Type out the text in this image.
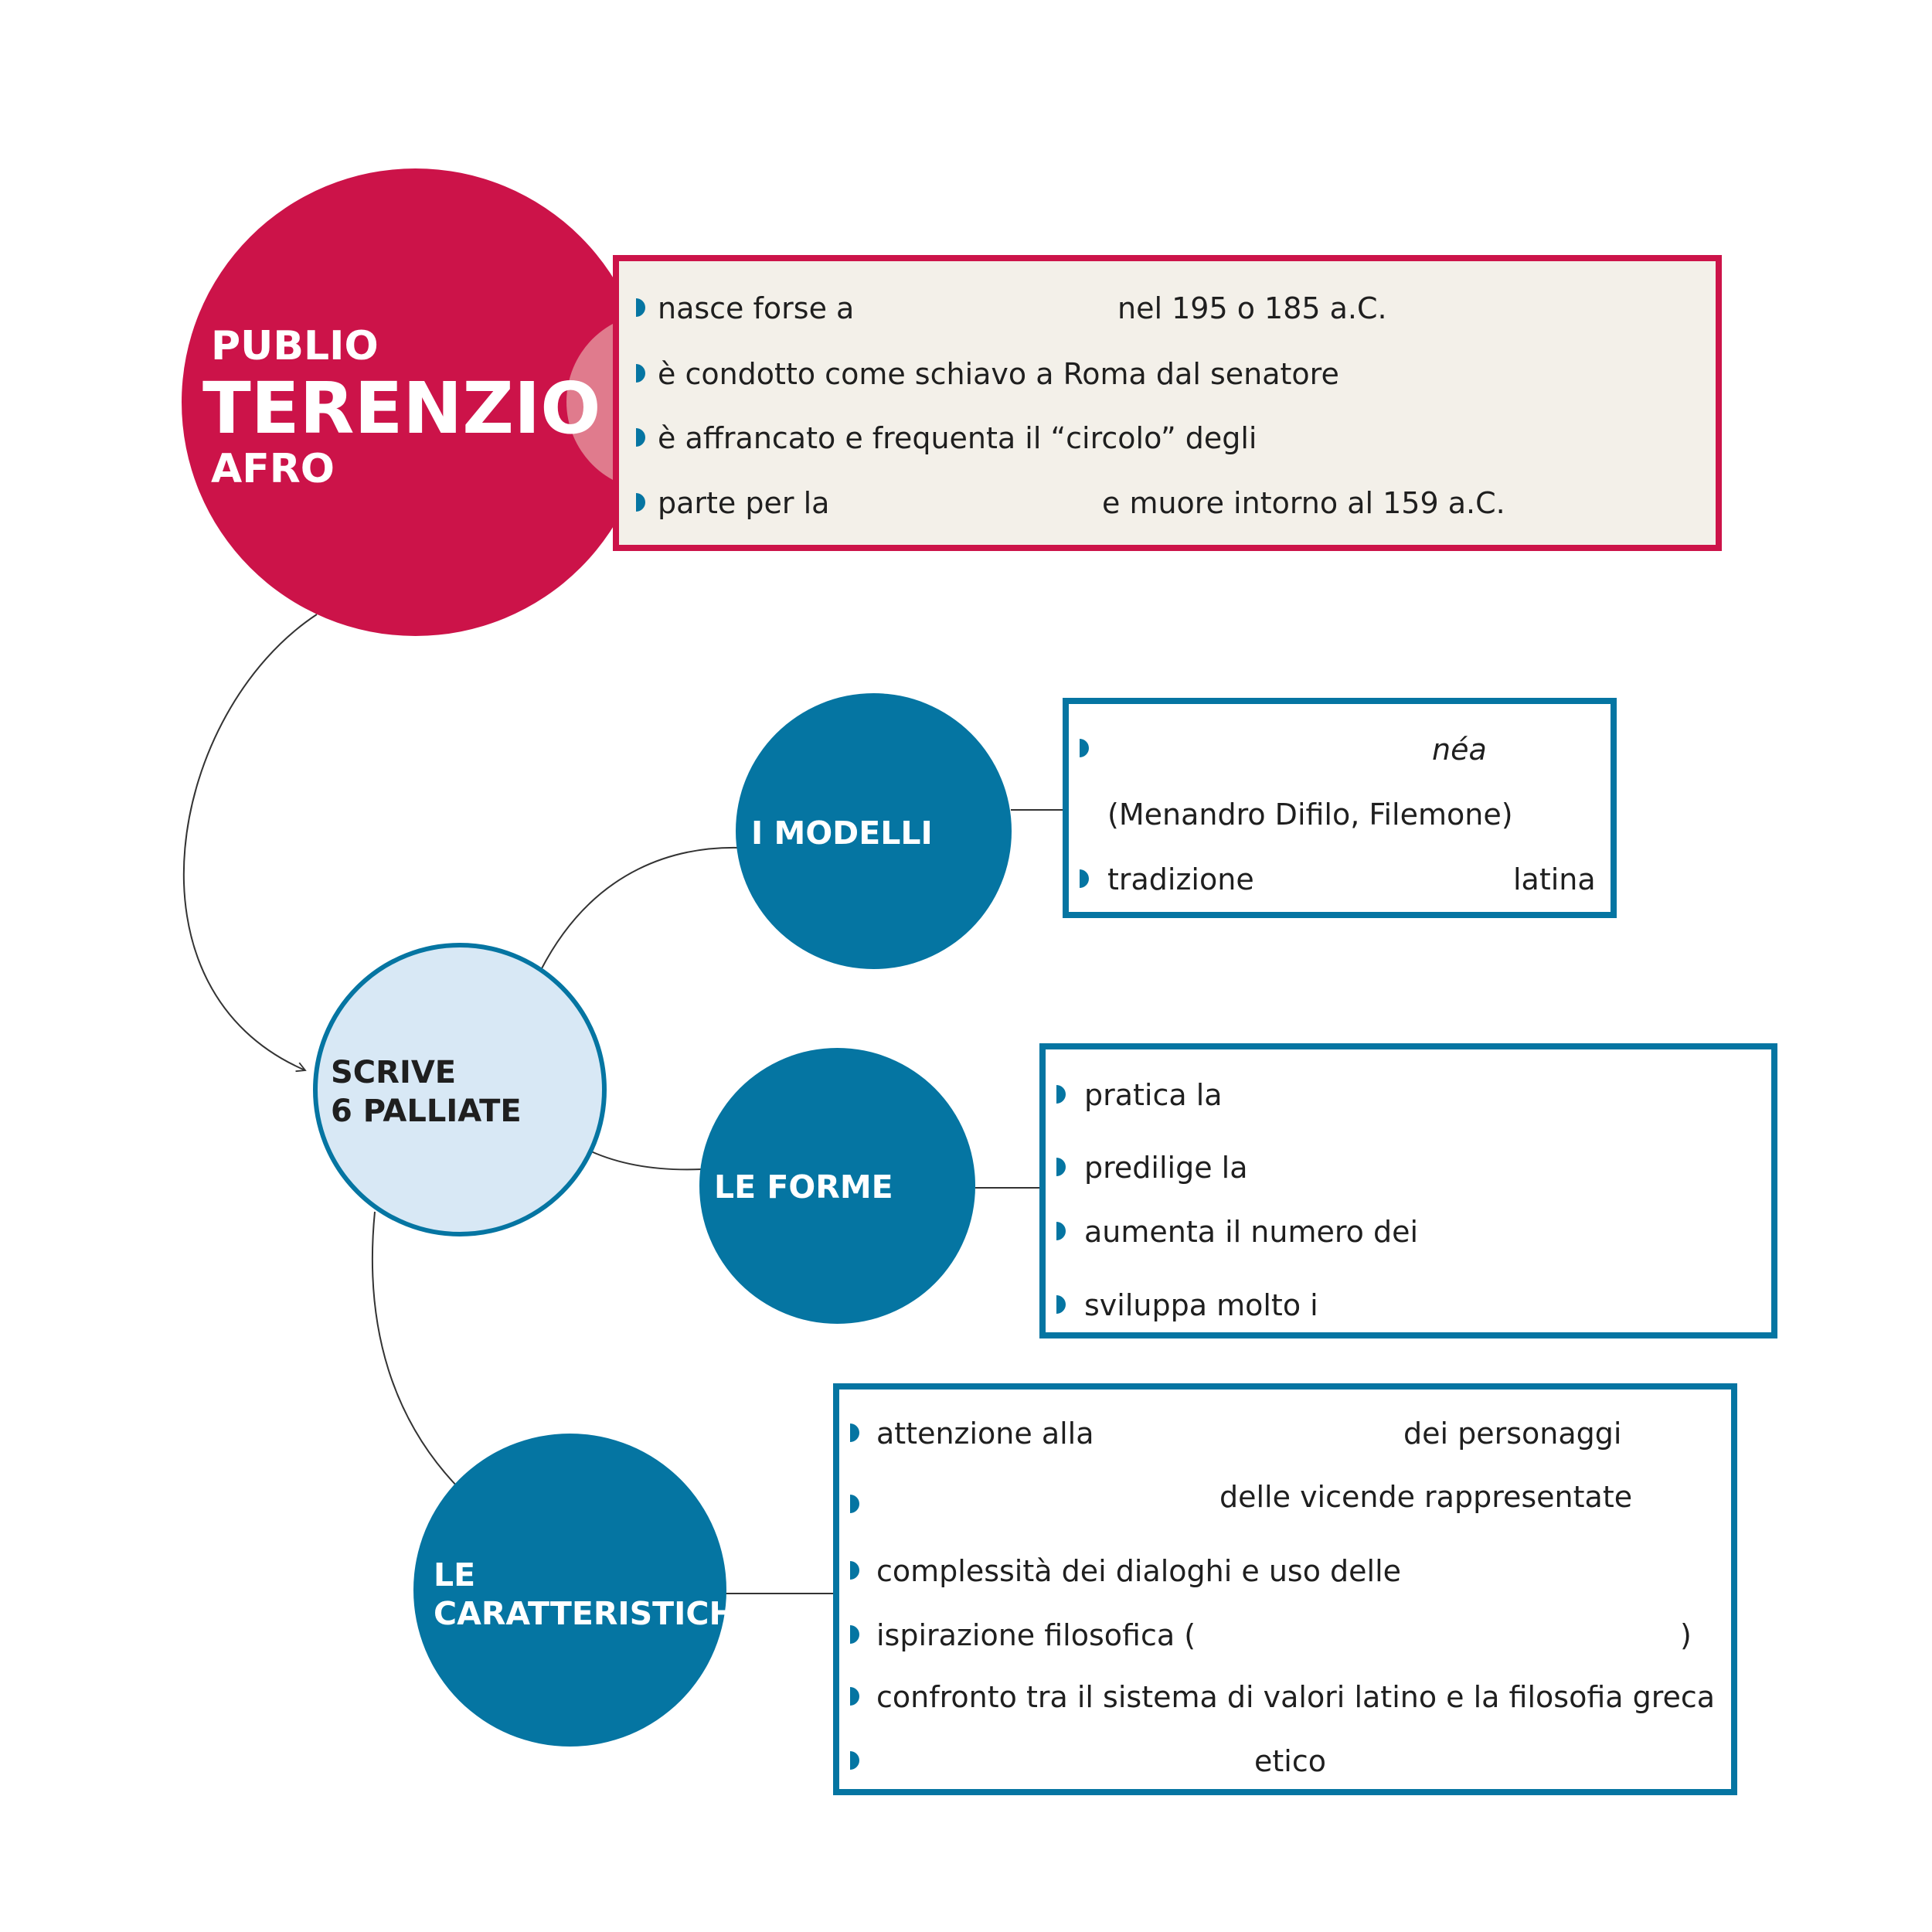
PUBLIO
TERENZIO
AFRO
nasce forse a	nel 195 o 185 a.C.
è condotto come schiavo a Roma dal senatore
è affrancato e frequenta il “circolo” degli
parte per la	e muore intorno al 159 a.C.
SCRIVE
6 PALLIATE
I MODELLI
néa
(Menandro Difilo, Filemone)
tradizione	latina
LE FORME
pratica la
predilige la
aumenta il numero dei
sviluppa molto i
LE
CARATTERISTICHE
attenzione alla	dei personaggi
delle vicende rappresentate
complessità dei dialoghi e uso delle
ispirazione filosofica (	)
confronto tra il sistema di valori latino e la filosofia greca
etico
